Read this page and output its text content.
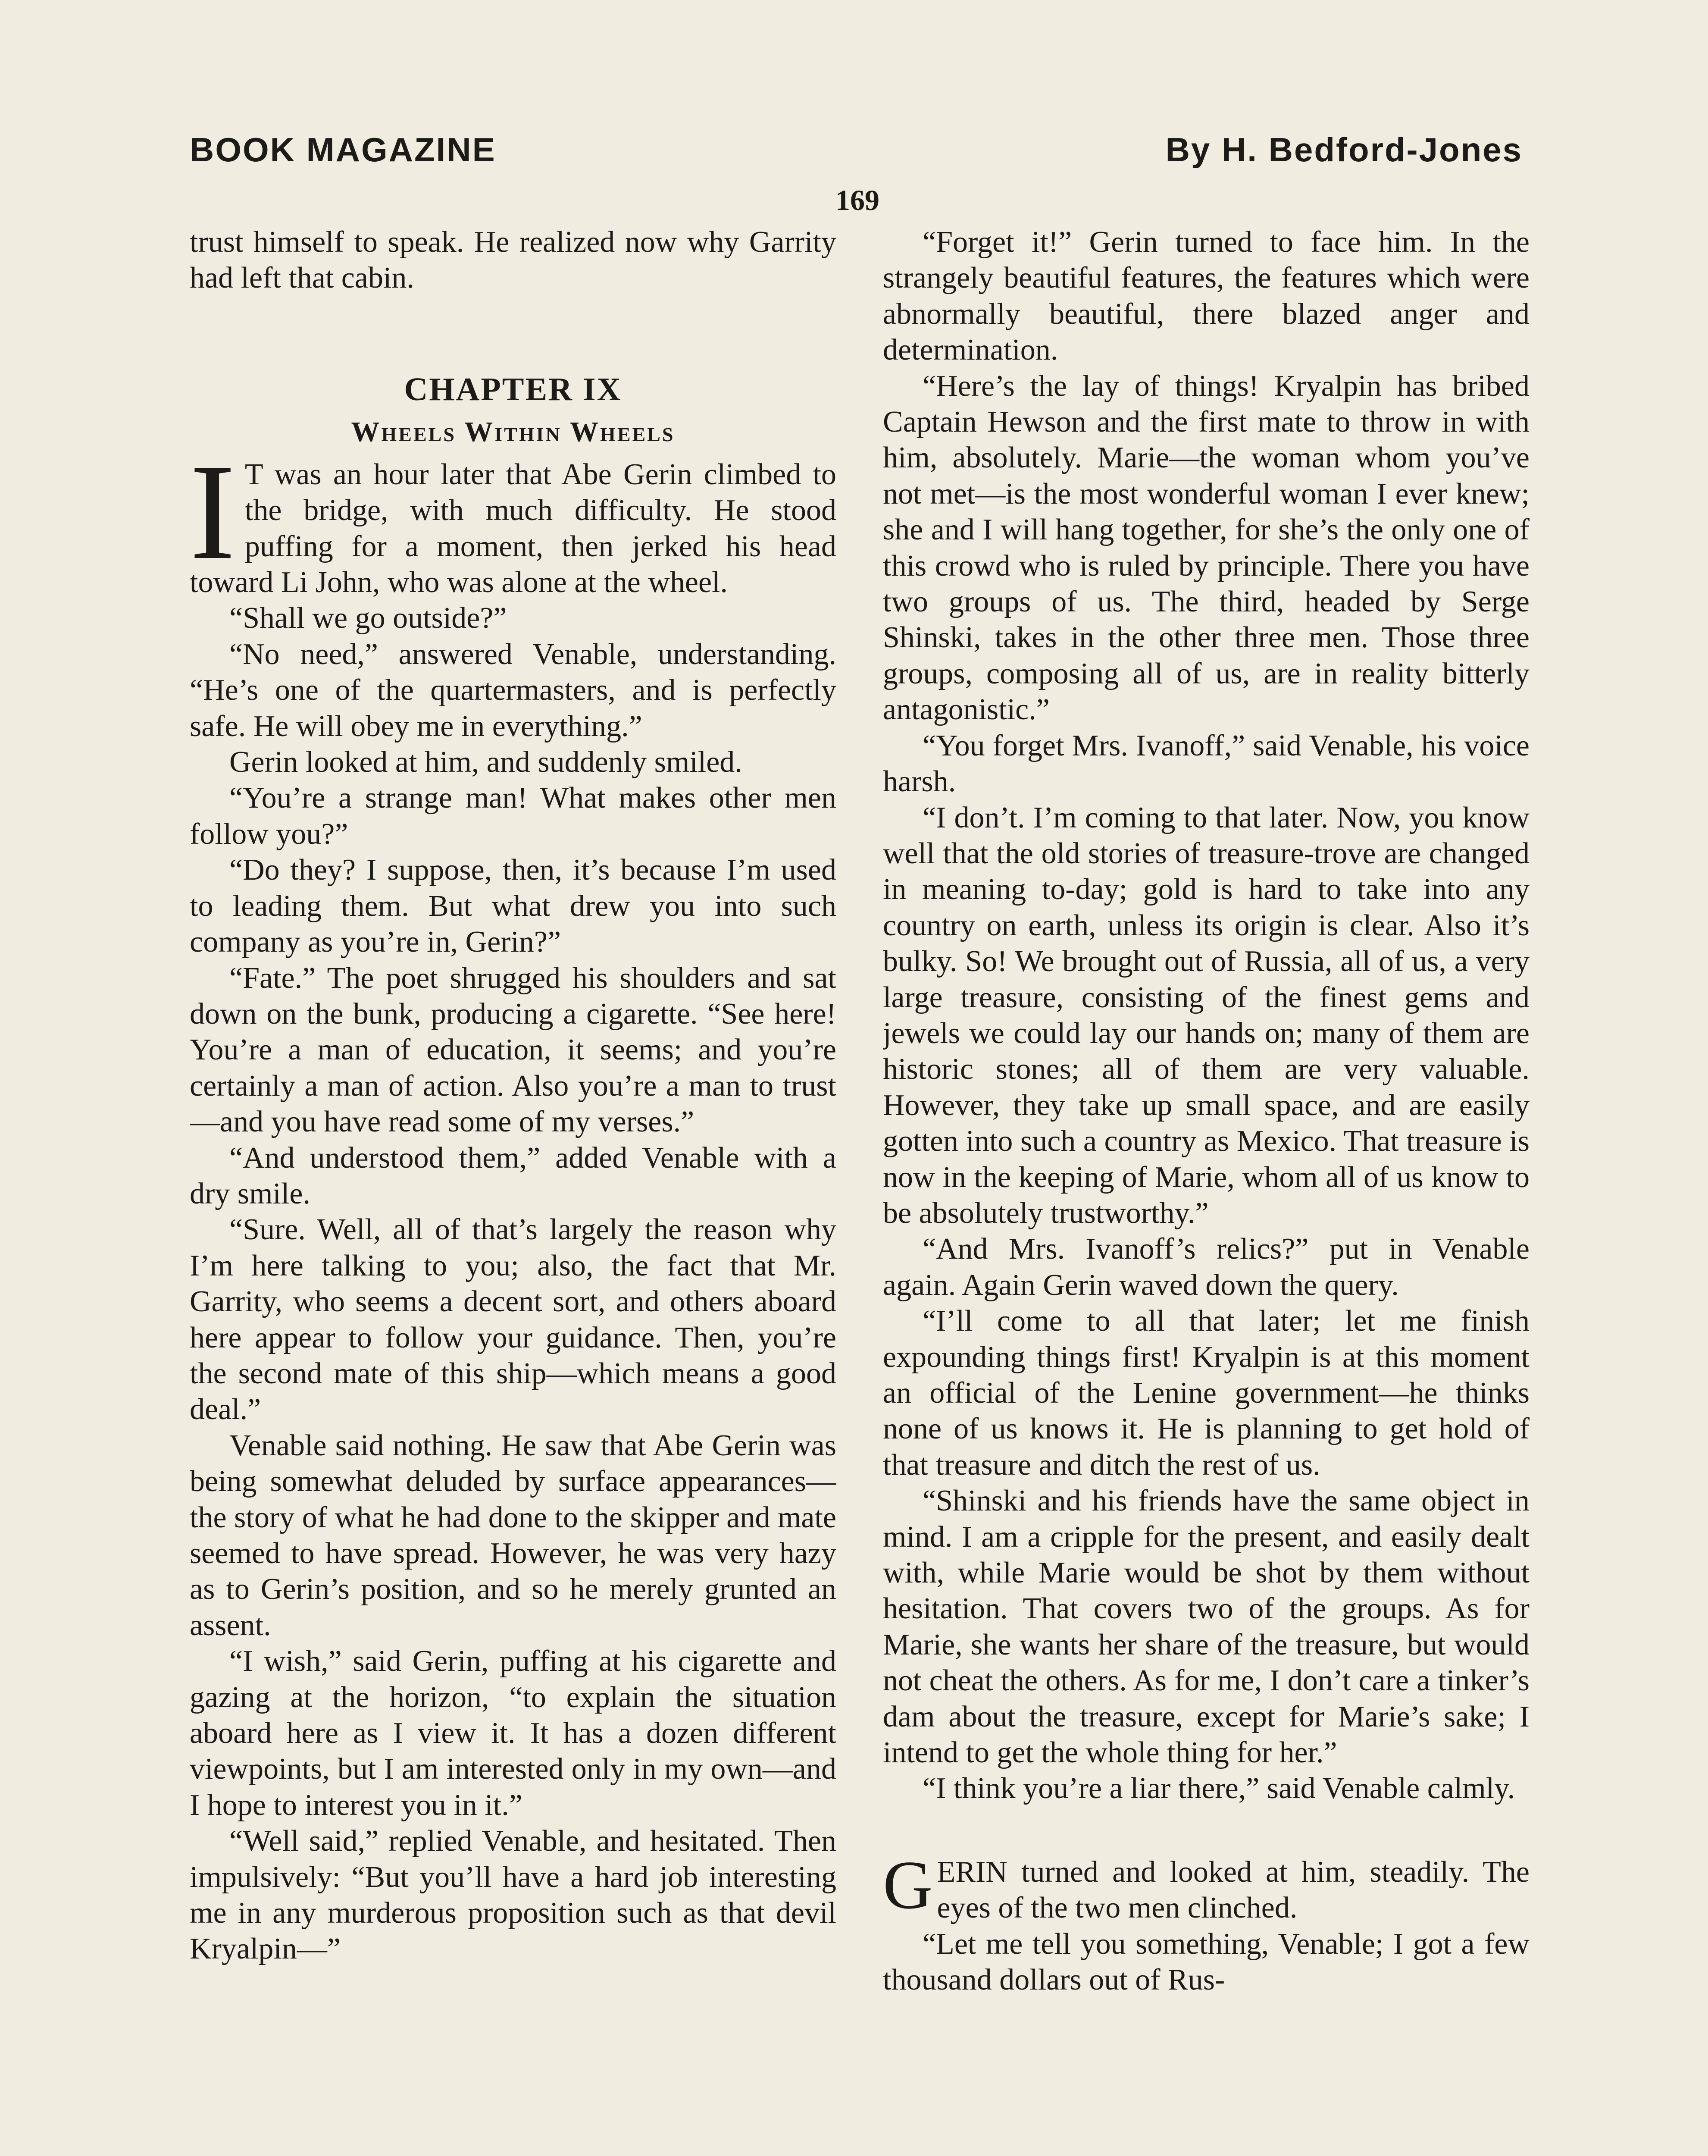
BOOK MAGAZINE	By H. Bedford-Jones
169

trust himself to speak. He realized now why Garrity had left that cabin.

CHAPTER IX
Wheels Within Wheels

I T was an hour later that Abe Gerin climbed to the bridge, with much difficulty. He stood puffing for a moment, then jerked his head toward Li John, who was alone at the wheel.

“Shall we go outside?”

“No need,” answered Venable, understanding. “He’s one of the quartermasters, and is perfectly safe. He will obey me in everything.”

Gerin looked at him, and suddenly smiled.

“You’re a strange man! What makes other men follow you?”

“Do they? I suppose, then, it’s because I’m used to leading them. But what drew you into such company as you’re in, Gerin?”

“Fate.” The poet shrugged his shoulders and sat down on the bunk, producing a cigarette. “See here! You’re a man of education, it seems; and you’re certainly a man of action. Also you’re a man to trust—and you have read some of my verses.”

“And understood them,” added Venable with a dry smile.

“Sure. Well, all of that’s largely the reason why I’m here talking to you; also, the fact that Mr. Garrity, who seems a decent sort, and others aboard here appear to follow your guidance. Then, you’re the second mate of this ship—which means a good deal.”

Venable said nothing. He saw that Abe Gerin was being somewhat deluded by surface appearances—the story of what he had done to the skipper and mate seemed to have spread. However, he was very hazy as to Gerin’s position, and so he merely grunted an assent.

“I wish,” said Gerin, puffing at his cigarette and gazing at the horizon, “to explain the situation aboard here as I view it. It has a dozen different viewpoints, but I am interested only in my own—and I hope to interest you in it.”

“Well said,” replied Venable, and hesitated. Then impulsively: “But you’ll have a hard job interesting me in any murderous proposition such as that devil Kryalpin—”

“Forget it!” Gerin turned to face him. In the strangely beautiful features, the features which were abnormally beautiful, there blazed anger and determination.

“Here’s the lay of things! Kryalpin has bribed Captain Hewson and the first mate to throw in with him, absolutely. Marie—the woman whom you’ve not met—is the most wonderful woman I ever knew; she and I will hang together, for she’s the only one of this crowd who is ruled by principle. There you have two groups of us. The third, headed by Serge Shinski, takes in the other three men. Those three groups, composing all of us, are in reality bitterly antagonistic.”

“You forget Mrs. Ivanoff,” said Venable, his voice harsh.

“I don’t. I’m coming to that later. Now, you know well that the old stories of treasure-trove are changed in meaning to-day; gold is hard to take into any country on earth, unless its origin is clear. Also it’s bulky. So! We brought out of Russia, all of us, a very large treasure, consisting of the finest gems and jewels we could lay our hands on; many of them are historic stones; all of them are very valuable. However, they take up small space, and are easily gotten into such a country as Mexico. That treasure is now in the keeping of Marie, whom all of us know to be absolutely trustworthy.”

“And Mrs. Ivanoff’s relics?” put in Venable again. Again Gerin waved down the query.

“I’ll come to all that later; let me finish expounding things first! Kryalpin is at this moment an official of the Lenine government—he thinks none of us knows it. He is planning to get hold of that treasure and ditch the rest of us.

“Shinski and his friends have the same object in mind. I am a cripple for the present, and easily dealt with, while Marie would be shot by them without hesitation. That covers two of the groups. As for Marie, she wants her share of the treasure, but would not cheat the others. As for me, I don’t care a tinker’s dam about the treasure, except for Marie’s sake; I intend to get the whole thing for her.”

“I think you’re a liar there,” said Venable calmly.

GERIN turned and looked at him, steadily. The eyes of the two men clinched.

“Let me tell you something, Venable; I got a few thousand dollars out of Rus-
